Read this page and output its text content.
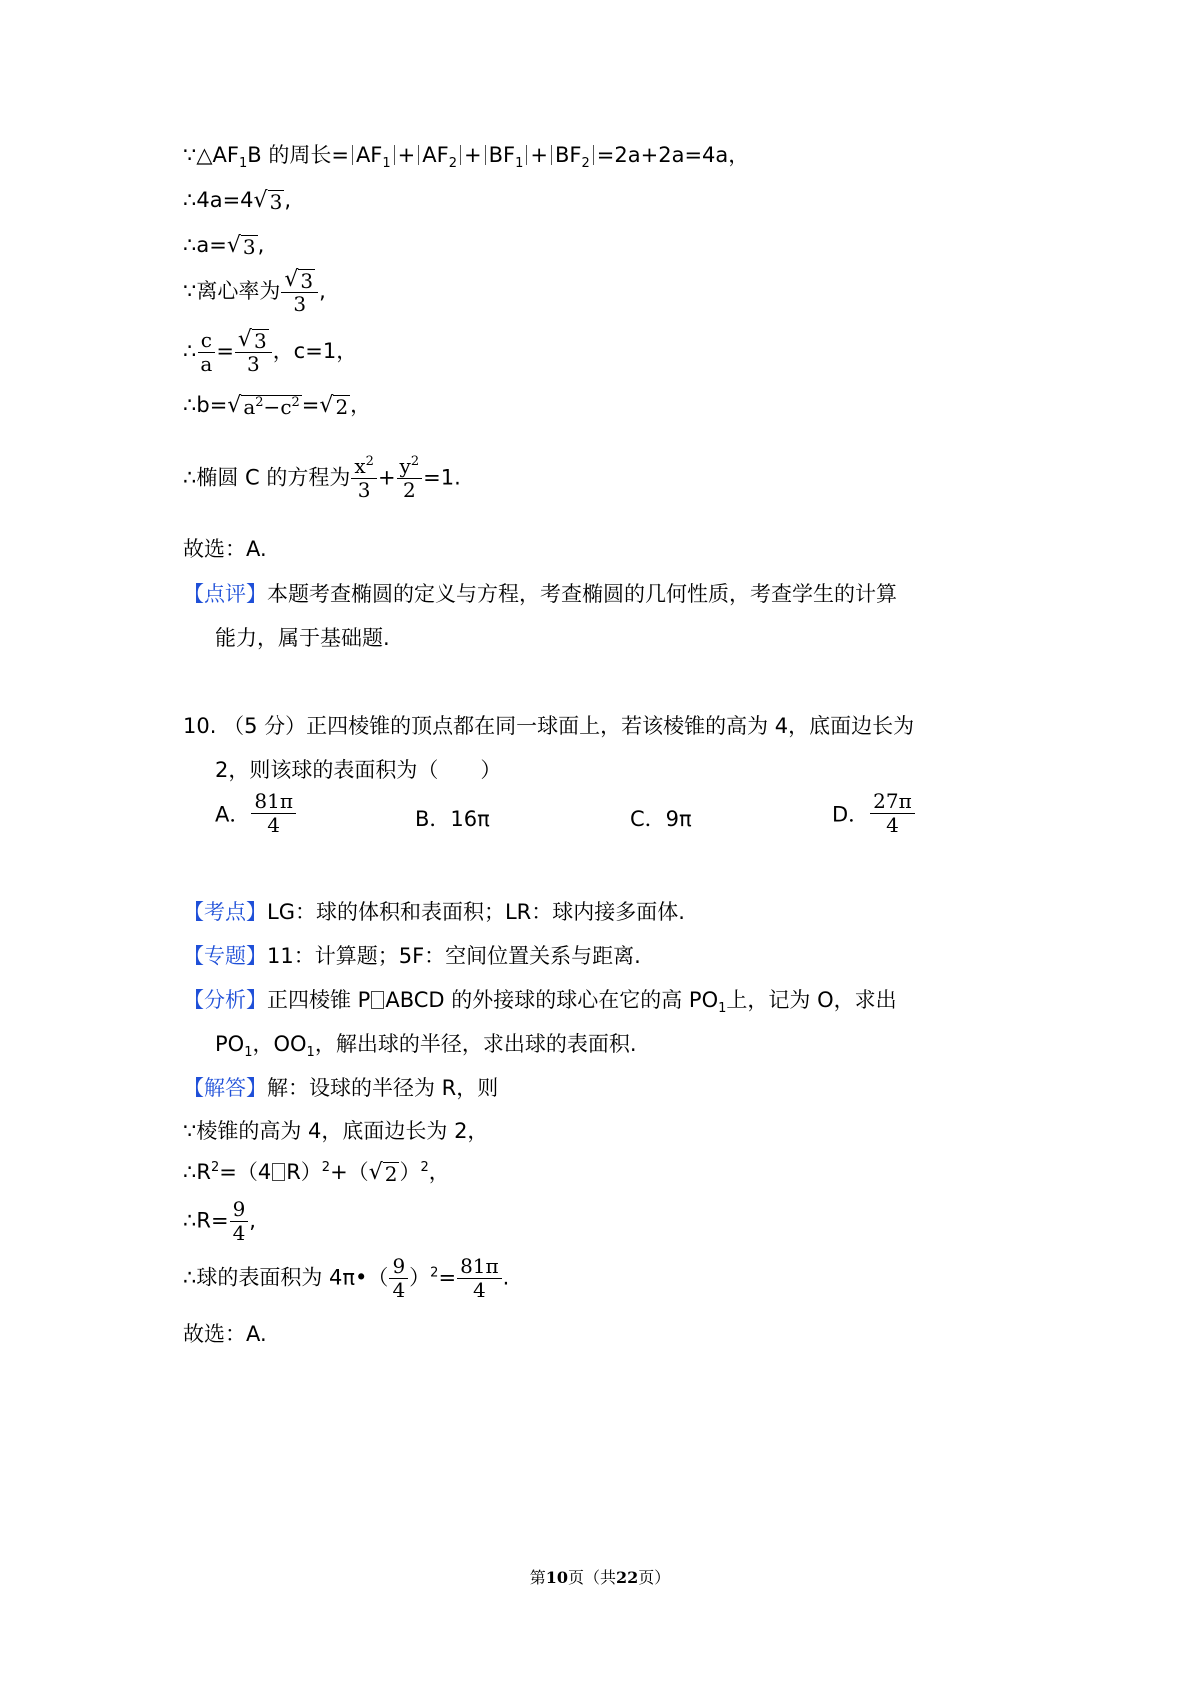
$\because\triangle AF_1B$ 的周长= $AF_1 + AF_2 + BF_1 + BF_2 =2a+2a=4a$，
∴4a=4 √ 3 ,
∴a= √ 3 ,
∵离心率为 $\frac{√ 3}{3}$ ,
∴ $\frac{c}{a} = \frac{√ 3}{3}$ ，c=1，
∴b= √ $a^2-c^2$ = √ 2 ，
∴椭圆 C 的方程为 $\frac{x^2}{3} + \frac{y^2}{2} =1$.
故选：A.
【点评】本题考查椭圆的定义与方程，考查椭圆的几何性质，考查学生的计算
能力，属于基础题.
10. （5 分）正四棱锥的顶点都在同一球面上，若该棱锥的高为 4，底面边长为
2，则该球的表面积为（　　）
A． $\frac{81\pi}{4}$	B．16π	C．9π	D． $\frac{27\pi}{4}$
【考点】LG：球的体积和表面积；LR：球内接多面体.
【专题】11：计算题；5F：空间位置关系与距离.
【分析】正四棱锥 P ABCD 的外接球的球心在它的高 $PO_1$上，记为 O，求出
$PO_1$，$OO_1$，解出球的半径，求出球的表面积.
【解答】解：设球的半径为 R，则
∵棱锥的高为 4，底面边长为 2，
$\therefore R^2=(4$ R）$^2$+（ √ 2 ）$^2$，
∴R= $\frac{9}{4}$ ,
∴球的表面积为 4π•（ $\frac{9}{4} )^2= \frac{81\pi}{4}$ .
故选：A.
第10页（共22页）
